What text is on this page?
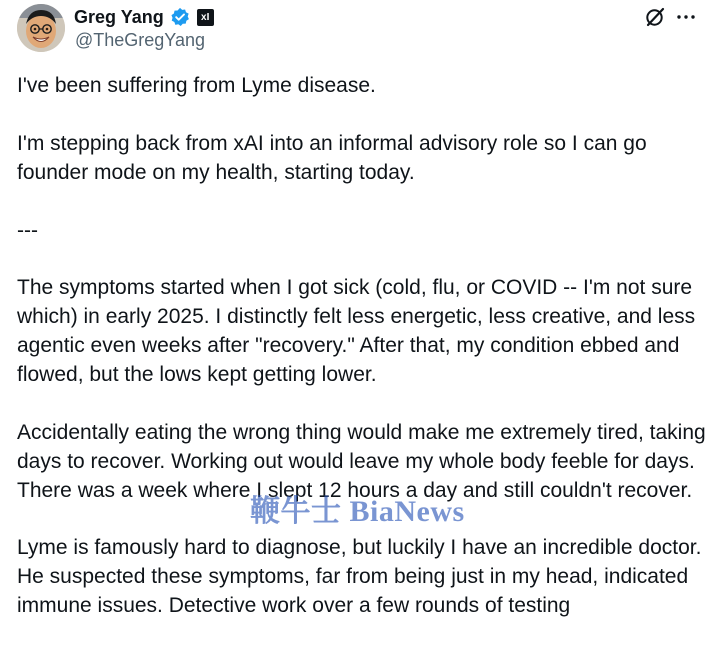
Greg Yang	xI
@TheGregYang

I've been suffering from Lyme disease.

I'm stepping back from xAI into an informal advisory role so I can go founder mode on my health, starting today.

---

The symptoms started when I got sick (cold, flu, or COVID -- I'm not sure which) in early 2025. I distinctly felt less energetic, less creative, and less agentic even weeks after "recovery." After that, my condition ebbed and flowed, but the lows kept getting lower.

Accidentally eating the wrong thing would make me extremely tired, taking days to recover. Working out would leave my whole body feeble for days. There was a week where I slept 12 hours a day and still couldn't recover.

Lyme is famously hard to diagnose, but luckily I have an incredible doctor. He suspected these symptoms, far from being just in my head, indicated immune issues. Detective work over a few rounds of testing

鞭牛士 BiaNews
